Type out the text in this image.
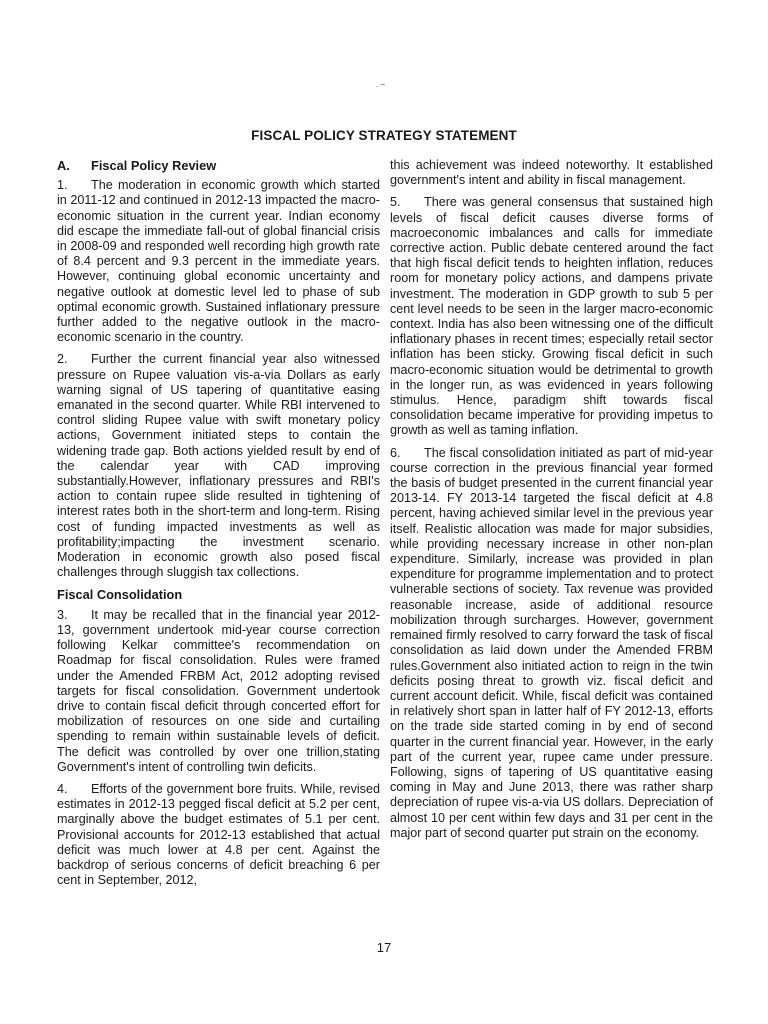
. –
FISCAL POLICY STRATEGY STATEMENT
A. Fiscal Policy Review

1. The moderation in economic growth which started in 2011-12 and continued in 2012-13 impacted the macro-economic situation in the current year. Indian economy did escape the immediate fall-out of global financial crisis in 2008-09 and responded well recording high growth rate of 8.4 percent and 9.3 percent in the immediate years. However, continuing global economic uncertainty and negative outlook at domestic level led to phase of sub optimal economic growth. Sustained inflationary pressure further added to the negative outlook in the macro-economic scenario in the country.

2. Further the current financial year also witnessed pressure on Rupee valuation vis-a-via Dollars as early warning signal of US tapering of quantitative easing emanated in the second quarter. While RBI intervened to control sliding Rupee value with swift monetary policy actions, Government initiated steps to contain the widening trade gap. Both actions yielded result by end of the calendar year with CAD improving substantially.However, inflationary pressures and RBI's action to contain rupee slide resulted in tightening of interest rates both in the short-term and long-term. Rising cost of funding impacted investments as well as profitability;impacting the investment scenario. Moderation in economic growth also posed fiscal challenges through sluggish tax collections.

Fiscal Consolidation

3. It may be recalled that in the financial year 2012-13, government undertook mid-year course correction following Kelkar committee's recommendation on Roadmap for fiscal consolidation. Rules were framed under the Amended FRBM Act, 2012 adopting revised targets for fiscal consolidation. Government undertook drive to contain fiscal deficit through concerted effort for mobilization of resources on one side and curtailing spending to remain within sustainable levels of deficit. The deficit was controlled by over one trillion,stating Government's intent of controlling twin deficits.

4. Efforts of the government bore fruits. While, revised estimates in 2012-13 pegged fiscal deficit at 5.2 per cent, marginally above the budget estimates of 5.1 per cent. Provisional accounts for 2012-13 established that actual deficit was much lower at 4.8 per cent. Against the backdrop of serious concerns of deficit breaching 6 per cent in September, 2012,

this achievement was indeed noteworthy. It established government's intent and ability in fiscal management.

5. There was general consensus that sustained high levels of fiscal deficit causes diverse forms of macroeconomic imbalances and calls for immediate corrective action. Public debate centered around the fact that high fiscal deficit tends to heighten inflation, reduces room for monetary policy actions, and dampens private investment. The moderation in GDP growth to sub 5 per cent level needs to be seen in the larger macro-economic context. India has also been witnessing one of the difficult inflationary phases in recent times; especially retail sector inflation has been sticky. Growing fiscal deficit in such macro-economic situation would be detrimental to growth in the longer run, as was evidenced in years following stimulus. Hence, paradigm shift towards fiscal consolidation became imperative for providing impetus to growth as well as taming inflation.

6. The fiscal consolidation initiated as part of mid-year course correction in the previous financial year formed the basis of budget presented in the current financial year 2013-14. FY 2013-14 targeted the fiscal deficit at 4.8 percent, having achieved similar level in the previous year itself. Realistic allocation was made for major subsidies, while providing necessary increase in other non-plan expenditure. Similarly, increase was provided in plan expenditure for programme implementation and to protect vulnerable sections of society. Tax revenue was provided reasonable increase, aside of additional resource mobilization through surcharges. However, government remained firmly resolved to carry forward the task of fiscal consolidation as laid down under the Amended FRBM rules.Government also initiated action to reign in the twin deficits posing threat to growth viz. fiscal deficit and current account deficit. While, fiscal deficit was contained in relatively short span in latter half of FY 2012-13, efforts on the trade side started coming in by end of second quarter in the current financial year. However, in the early part of the current year, rupee came under pressure. Following, signs of tapering of US quantitative easing coming in May and June 2013, there was rather sharp depreciation of rupee vis-a-via US dollars. Depreciation of almost 10 per cent within few days and 31 per cent in the major part of second quarter put strain on the economy.

17
